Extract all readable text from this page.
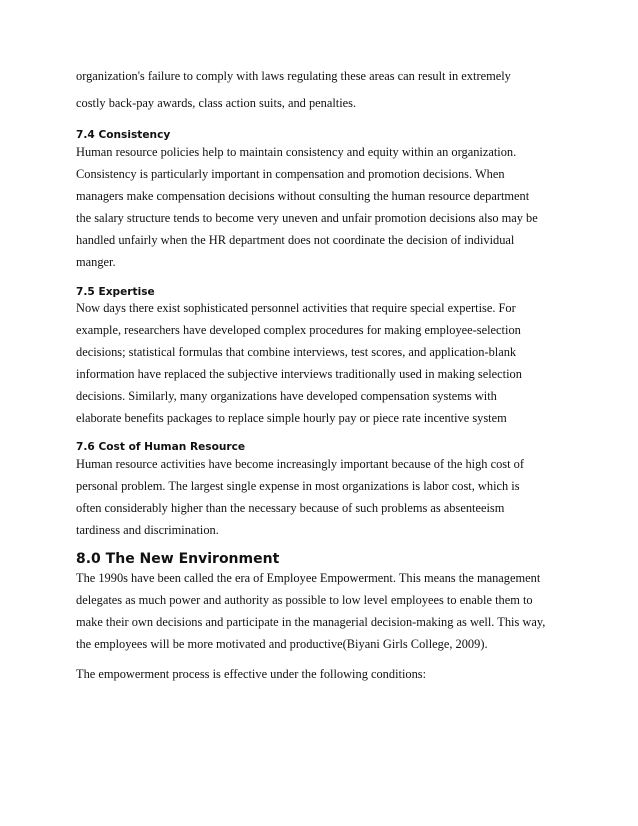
organization's failure to comply with laws regulating these areas can result in extremely
costly back-pay awards, class action suits, and penalties.
7.4 Consistency
Human resource policies help to maintain consistency and equity within an organization.
Consistency is particularly important in compensation and promotion decisions. When
managers make compensation decisions without consulting the human resource department
the salary structure tends to become very uneven and unfair promotion decisions also may be
handled unfairly when the HR department does not coordinate the decision of individual
manger.
7.5 Expertise
Now days there exist sophisticated personnel activities that require special expertise. For
example, researchers have developed complex procedures for making employee-selection
decisions; statistical formulas that combine interviews, test scores, and application-blank
information have replaced the subjective interviews traditionally used in making selection
decisions. Similarly, many organizations have developed compensation systems with
elaborate benefits packages to replace simple hourly pay or piece rate incentive system
7.6 Cost of Human Resource
Human resource activities have become increasingly important because of the high cost of
personal problem. The largest single expense in most organizations is labor cost, which is
often considerably higher than the necessary because of such problems as absenteeism
tardiness and discrimination.
8.0 The New Environment
The 1990s have been called the era of Employee Empowerment. This means the management
delegates as much power and authority as possible to low level employees to enable them to
make their own decisions and participate in the managerial decision-making as well. This way,
the employees will be more motivated and productive(Biyani Girls College, 2009).
The empowerment process is effective under the following conditions:
